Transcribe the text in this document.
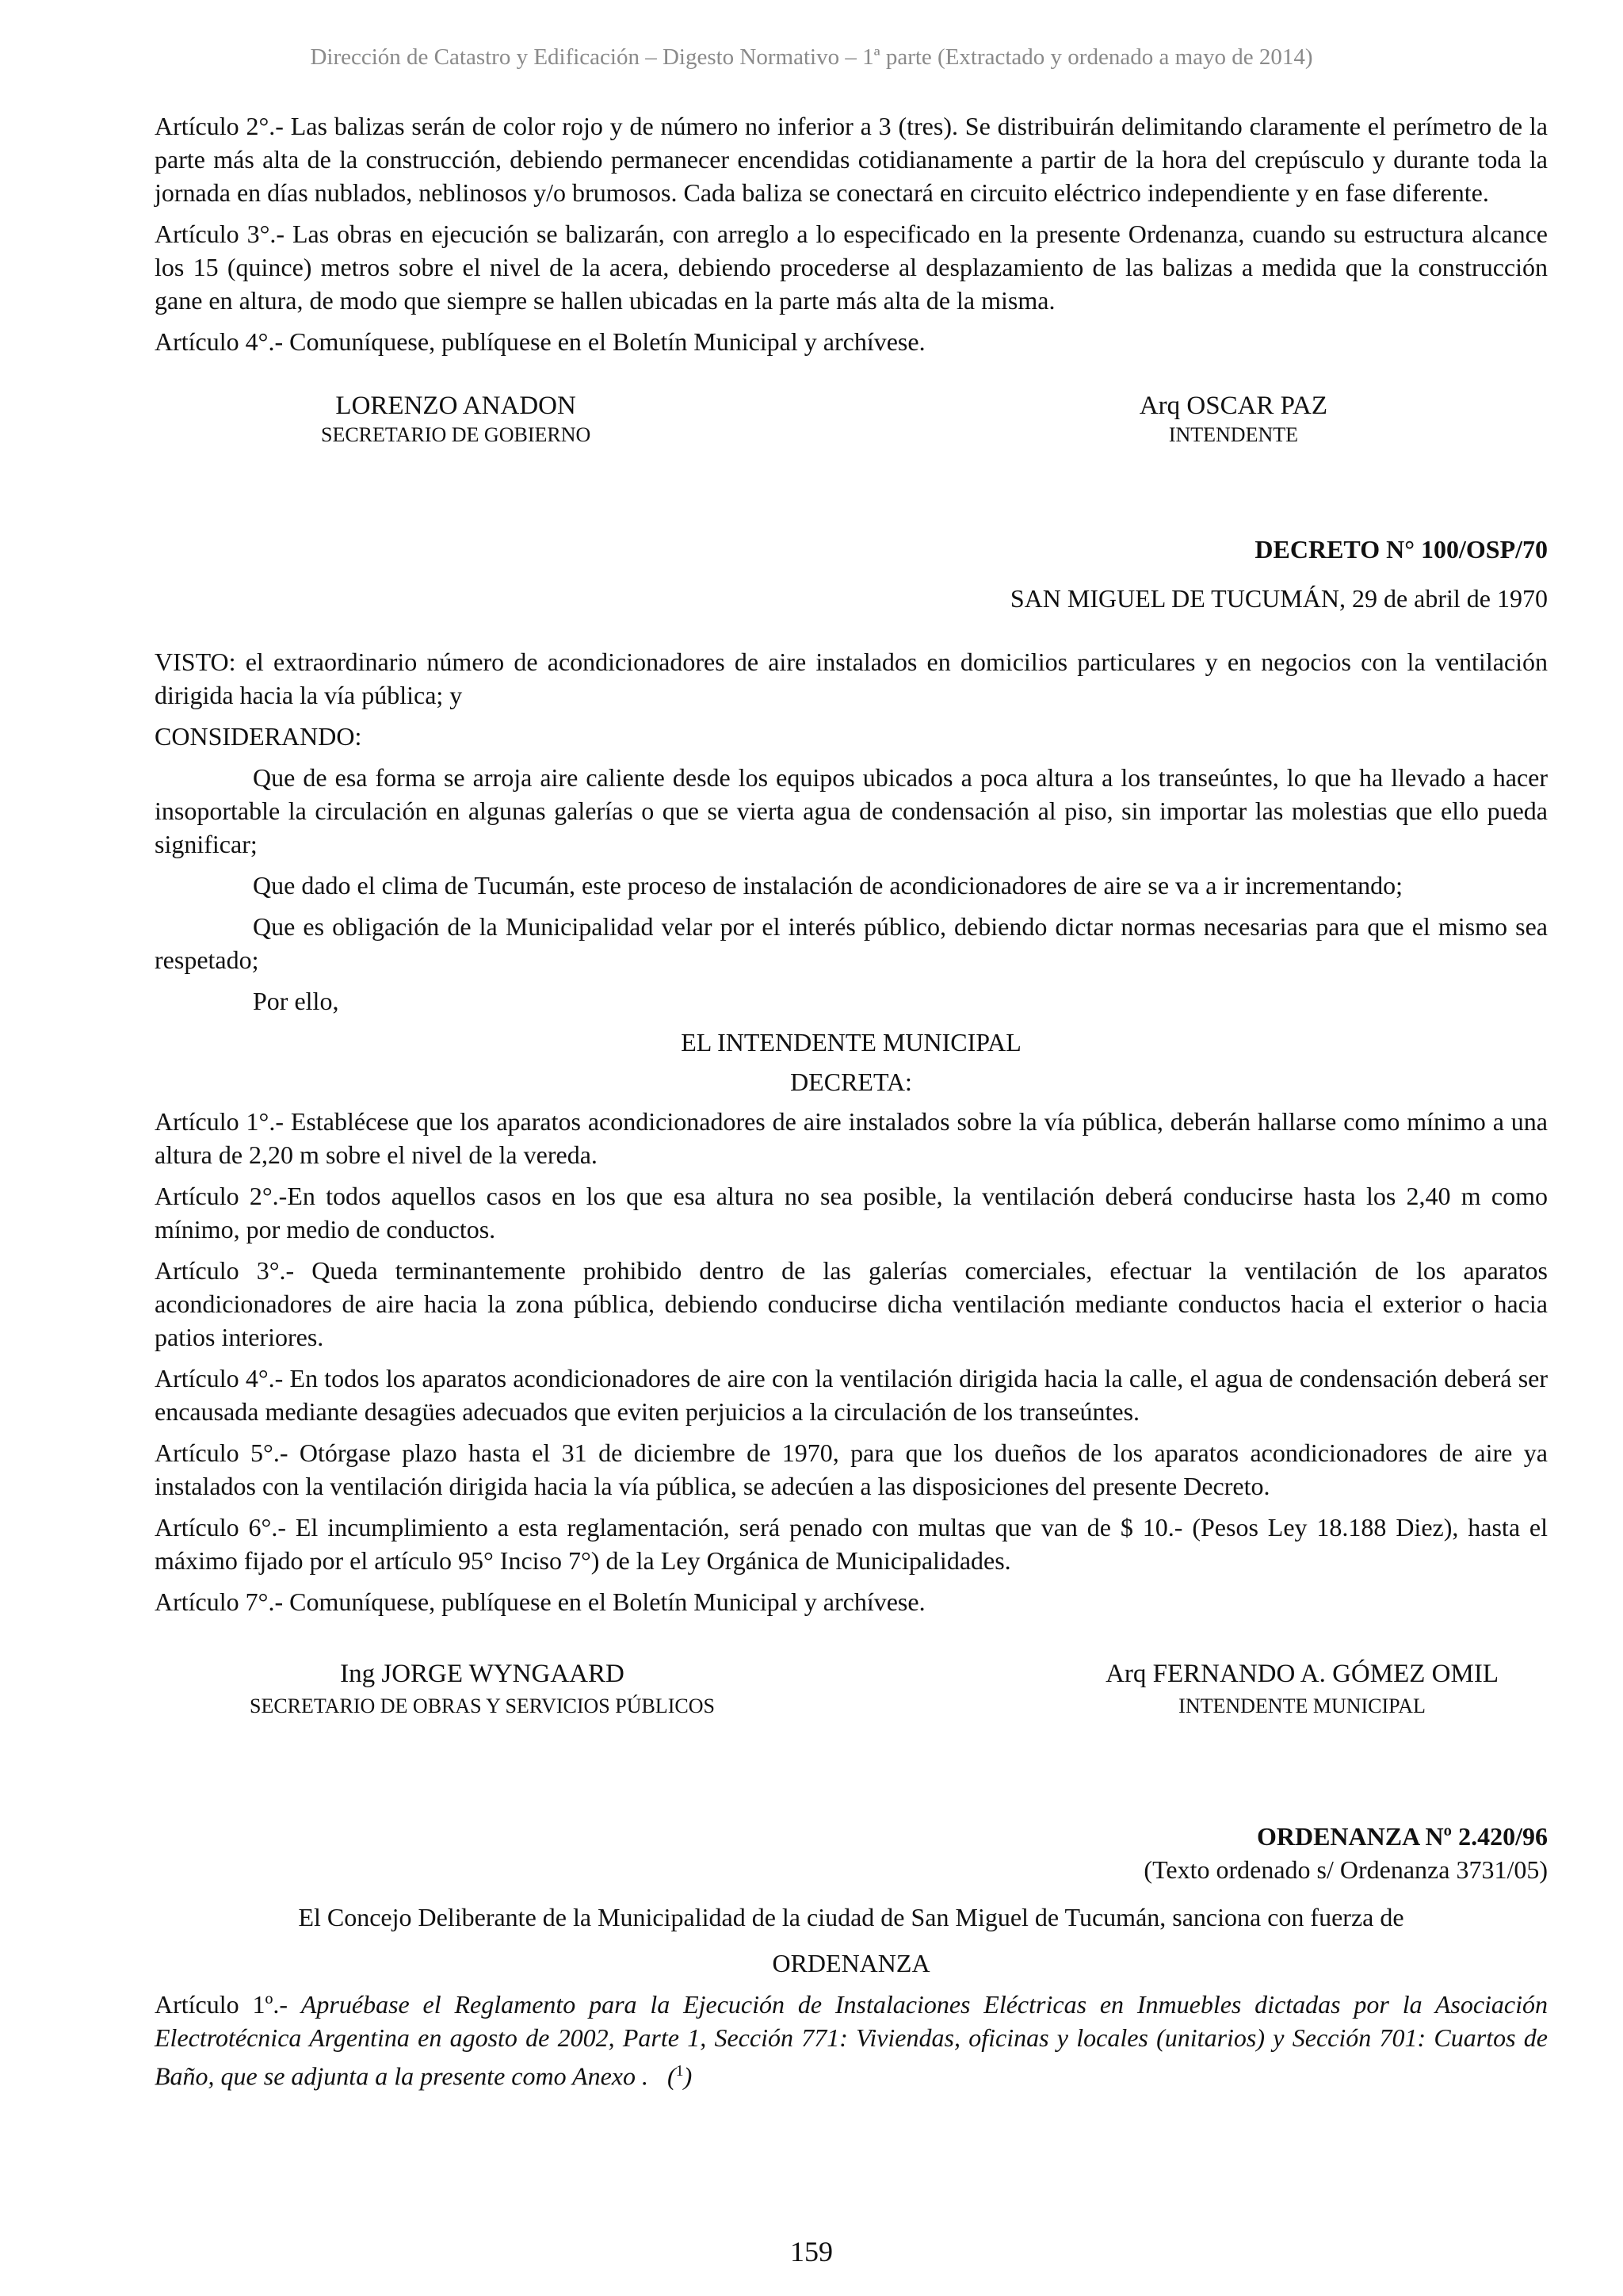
Dirección de Catastro y Edificación – Digesto Normativo – 1ª parte (Extractado y ordenado a mayo de 2014)

Artículo 2°.- Las balizas serán de color rojo y de número no inferior a 3 (tres). Se distribuirán delimitando claramente el perímetro de la parte más alta de la construcción, debiendo permanecer encendidas cotidianamente a partir de la hora del crepúsculo y durante toda la jornada en días nublados, neblinosos y/o brumosos. Cada baliza se conectará en circuito eléctrico independiente y en fase diferente.

Artículo 3°.- Las obras en ejecución se balizarán, con arreglo a lo especificado en la presente Ordenanza, cuando su estructura alcance los 15 (quince) metros sobre el nivel de la acera, debiendo procederse al desplazamiento de las balizas a medida que la construcción gane en altura, de modo que siempre se hallen ubicadas en la parte más alta de la misma.

Artículo 4°.- Comuníquese, publíquese en el Boletín Municipal y archívese.

LORENZO ANADON
SECRETARIO DE GOBIERNO
Arq OSCAR PAZ
INTENDENTE

DECRETO N° 100/OSP/70

SAN MIGUEL DE TUCUMÁN, 29 de abril de 1970

VISTO: el extraordinario número de acondicionadores de aire instalados en domicilios particulares y en negocios con la ventilación dirigida hacia la vía pública; y

CONSIDERANDO:

Que de esa forma se arroja aire caliente desde los equipos ubicados a poca altura a los transeúntes, lo que ha llevado a hacer insoportable la circulación en algunas galerías o que se vierta agua de condensación al piso, sin importar las molestias que ello pueda significar;

Que dado el clima de Tucumán, este proceso de instalación de acondicionadores de aire se va a ir incrementando;

Que es obligación de la Municipalidad velar por el interés público, debiendo dictar normas necesarias para que el mismo sea respetado;

Por ello,

EL INTENDENTE MUNICIPAL

DECRETA:

Artículo 1°.- Establécese que los aparatos acondicionadores de aire instalados sobre la vía pública, deberán hallarse como mínimo a una altura de 2,20 m sobre el nivel de la vereda.

Artículo 2°.-En todos aquellos casos en los que esa altura no sea posible, la ventilación deberá conducirse hasta los 2,40 m como mínimo, por medio de conductos.

Artículo 3°.- Queda terminantemente prohibido dentro de las galerías comerciales, efectuar la ventilación de los aparatos acondicionadores de aire hacia la zona pública, debiendo conducirse dicha ventilación mediante conductos hacia el exterior o hacia patios interiores.

Artículo 4°.- En todos los aparatos acondicionadores de aire con la ventilación dirigida hacia la calle, el agua de condensación deberá ser encausada mediante desagües adecuados que eviten perjuicios a la circulación de los transeúntes.

Artículo 5°.- Otórgase plazo hasta el 31 de diciembre de 1970, para que los dueños de los aparatos acondicionadores de aire ya instalados con la ventilación dirigida hacia la vía pública, se adecúen a las disposiciones del presente Decreto.

Artículo 6°.- El incumplimiento a esta reglamentación, será penado con multas que van de $ 10.- (Pesos Ley 18.188 Diez), hasta el máximo fijado por el artículo 95° Inciso 7°) de la Ley Orgánica de Municipalidades.

Artículo 7°.- Comuníquese, publíquese en el Boletín Municipal y archívese.

Ing JORGE WYNGAARD
SECRETARIO DE OBRAS Y SERVICIOS PÚBLICOS
Arq FERNANDO A. GÓMEZ OMIL
INTENDENTE MUNICIPAL

ORDENANZA Nº 2.420/96

(Texto ordenado s/ Ordenanza 3731/05)

El Concejo Deliberante de la Municipalidad de la ciudad de San Miguel de Tucumán, sanciona con fuerza de

ORDENANZA

Artículo 1º.- Apruébase el Reglamento para la Ejecución de Instalaciones Eléctricas en Inmuebles dictadas por la Asociación Electrotécnica Argentina en agosto de 2002, Parte 1, Sección 771: Viviendas, oficinas y locales (unitarios) y Sección 701: Cuartos de Baño, que se adjunta a la presente como Anexo . ($^1$)

159
